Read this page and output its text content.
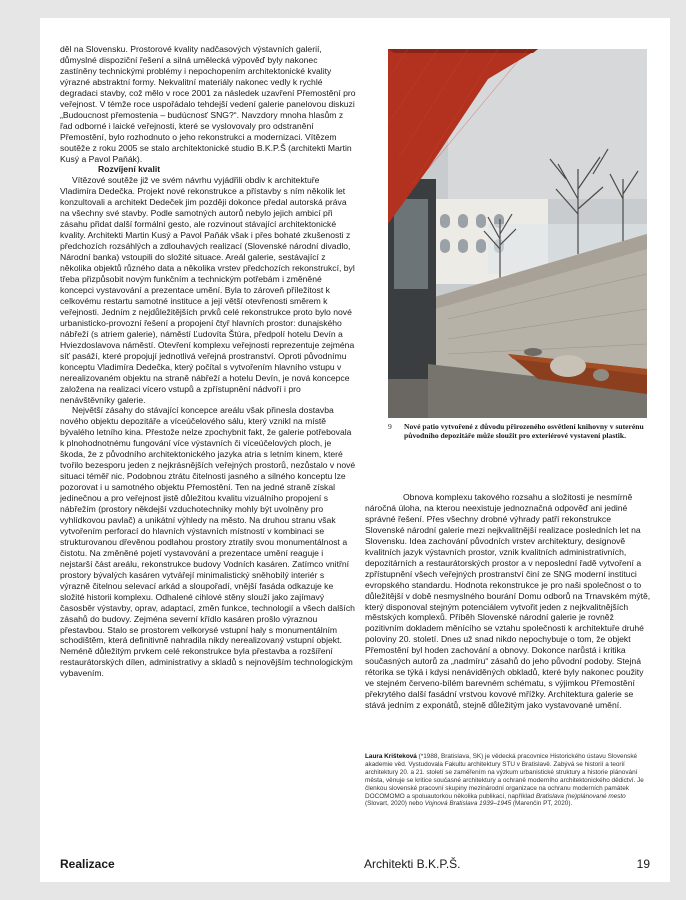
děl na Slovensku. Prostorové kvality nadčasových výstavních galerií, důmyslné dispoziční řešení a silná umělecká výpověď byly nakonec zastíněny technickými problémy i nepochopením architektonické kvality výrazné abstraktní formy. Nekvalitní materiály nakonec vedly k rychlé degradaci stavby, což mělo v roce 2001 za následek uzavření Přemostění pro veřejnost. V témže roce uspořádalo tehdejší vedení galerie panelovou diskuzi „Budoucnost přemostenia – budúcnosť SNG?“. Navzdory mnoha hlasům z řad odborné i laické veřejnosti, které se vyslovovaly pro odstranění Přemostění, bylo rozhodnuto o jeho rekonstrukci a modernizaci. Vítězem soutěže z roku 2005 se stalo architektonické studio B.K.P.Š (architekti Martin Kusý a Pavol Paňák).

Rozvíjení kvalit

Vítězové soutěže již ve svém návrhu vyjádřili obdiv k architektuře Vladimíra Dedečka. Projekt nové rekonstrukce a přístavby s ním několik let konzultovali a architekt Dedeček jim později dokonce předal autorská práva na všechny své stavby. Podle samotných autorů nebylo jejich ambicí při zásahu přidat další formální gesto, ale rozvinout stávající architektonické kvality. Architekti Martin Kusý a Pavol Paňák však i přes bohaté zkušenosti z předchozích rozsáhlých a zdlouhavých realizací (Slovenské národní divadlo, Národní banka) vstoupili do složité situace. Areál galerie, sestávající z několika objektů různého data a několika vrstev předchozích rekonstrukcí, byl třeba přizpůsobit novým funkčním a technickým potřebám i změněné koncepci vystavování a prezentace umění. Byla to zároveň příležitost k celkovému restartu samotné instituce a její větší otevřenosti směrem k veřejnosti. Jedním z nejdůležitějších prvků celé rekonstrukce proto bylo nové urbanisticko-provozní řešení a propojení čtyř hlavních prostor: dunajského nábřeží (s atriem galerie), náměstí Ľudovíta Štúra, předpolí hotelu Devín a Hviezdoslavova náměstí. Otevření komplexu veřejnosti reprezentuje zejména síť pasáží, které propojují jednotlivá veřejná prostranství. Oproti původnímu konceptu Vladimíra Dedečka, který počítal s vytvořením hlavního vstupu v nerealizovaném objektu na straně nábřeží a hotelu Devín, je nová koncepce založena na realizaci vícero vstupů a zpřístupnění nádvoří i pro nenávštěvníky galerie.

Největší zásahy do stávající koncepce areálu však přinesla dostavba nového objektu depozitáře a víceúčelového sálu, který vznikl na místě bývalého letního kina. Přestože nelze zpochybnit fakt, že galerie potřebovala k plnohodnotnému fungování více výstavních či víceúčelových ploch, je škoda, že z původního architektonického jazyka atria s letním kinem, které tvořilo bezesporu jeden z nejkrásnějších veřejných prostorů, nezůstalo v nové situaci téměř nic. Podobnou ztrátu čitelnosti jasného a silného konceptu lze pozorovat i u samotného objektu Přemostění. Ten na jedné straně získal jedinečnou a pro veřejnost jistě důležitou kvalitu vizuálního propojení s nábřežím (prostory někdejší vzduchotechniky mohly být uvolněny pro vyhlídkovou pavlač) a unikátní výhledy na město. Na druhou stranu však vytvořením perforací do hlavních výstavních místností v kombinaci se strukturovanou dřevěnou podlahou prostory ztratily svou monumentálnost a čistotu. Na změněné pojetí vystavování a prezentace umění reaguje i nejstarší část areálu, rekonstrukce budovy Vodních kasáren. Zatímco vnitřní prostory bývalých kasáren vytvářejí minimalistický sněhobílý interiér s výrazně čitelnou selevací arkád a sloupořadí, vnější fasáda odkazuje ke složité historii komplexu. Odhalené cihlové stěny slouží jako zajímavý časosběr výstavby, oprav, adaptací, změn funkce, technologií a všech dalších zásahů do budovy. Zejména severní křídlo kasáren prošlo výraznou přestavbou. Stalo se prostorem velkorysé vstupní haly s monumentálním schodištěm, která definitivně nahradila nikdy nerealizovaný vstupní objekt. Neméně důležitým prvkem celé rekonstrukce byla přestavba a rozšíření restaurátorských dílen, administrativy a skladů s nejnovějším technologickým vybavením.

9	Nové patio vytvořené z důvodu přirozeného osvětlení knihovny v suterénu původního depozitáře může sloužit pro exteriérové vystavení plastik.

Obnova komplexu takového rozsahu a složitosti je nesmírně náročná úloha, na kterou neexistuje jednoznačná odpověď ani jediné správné řešení. Přes všechny drobné výhrady patří rekonstrukce Slovenské národní galerie mezi nejkvalitnější realizace posledních let na Slovensku. Idea zachování původních vrstev architektury, designově kvalitních jazyk výstavních prostor, vznik kvalitních administrativních, depozitárních a restaurátorských prostor a v neposlední řadě vytvoření a zpřístupnění všech veřejných prostranství činí ze SNG moderní instituci evropského standardu. Hodnota rekonstrukce je pro naši společnost o to důležitější v době nesmyslného bourání Domu odborů na Trnavském mýtě, který disponoval stejným potenciálem vytvořit jeden z nejkvalitnějších městských komplexů. Příběh Slovenské národní galerie je rovněž pozitivním dokladem měnícího se vztahu společnosti k architektuře druhé poloviny 20. století. Dnes už snad nikdo nepochybuje o tom, že objekt Přemostění byl hoden zachování a obnovy. Dokonce narůstá i kritika současných autorů za „nadmíru“ zásahů do jeho původní podoby. Stejná rétorika se týká i kdysi nenáviděných obkladů, které byly nakonec použity ve stejném červeno-bílém barevném schématu, s výjimkou Přemostění překrytého další fasádní vrstvou kovové mřížky. Architektura galerie se stává jedním z exponátů, stejně důležitým jako vystavované umění.

Laura Krišteková (*1988, Bratislava, SK) je vědecká pracovnice Historického ústavu Slovenské akademie věd. Vystudovala Fakultu architektury STU v Bratislavě. Zabývá se historií a teorií architektury 20. a 21. století se zaměřením na výzkum urbanistické struktury a historie plánování města, věnuje se kritice současné architektury a ochraně moderního architektonického dědictví. Je členkou slovenské pracovní skupiny mezinárodní organizace na ochranu moderních památek DOCOMOMO a spoluautorkou několika publikací, například Bratislava (ne)plánované mesto (Slovart, 2020) nebo Vojnová Bratislava 1939–1945 (Marenčin PT, 2020).
Realizace	Architekti B.K.P.Š.	19
